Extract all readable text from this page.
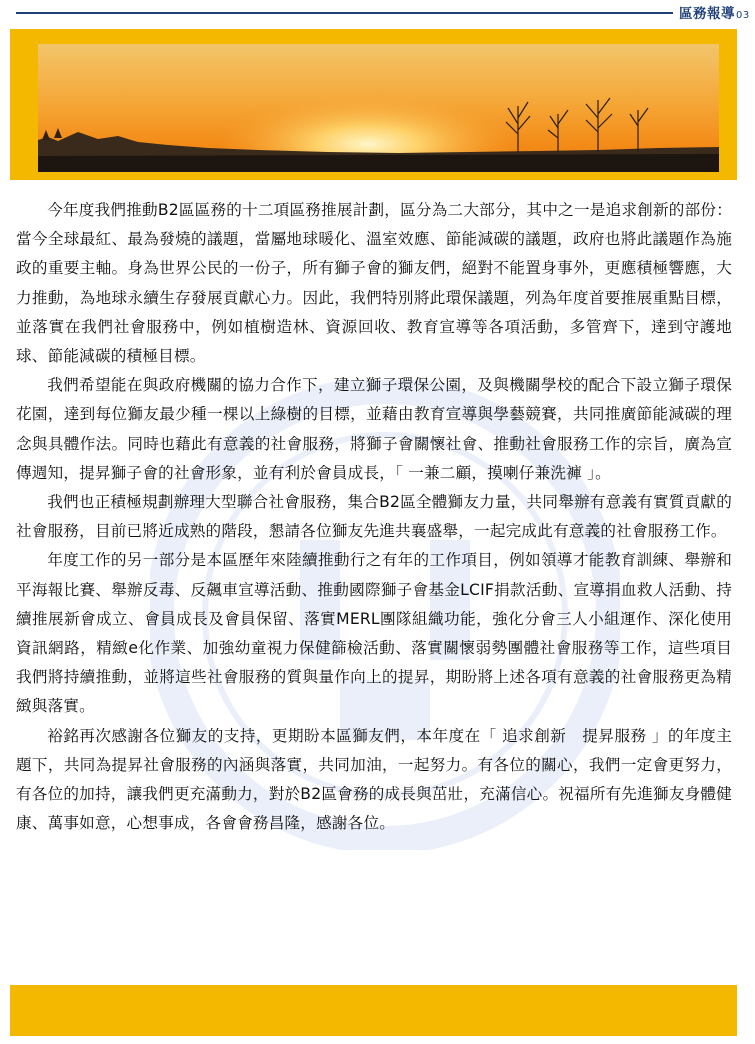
區務報導03

今年度我們推動B2區區務的十二項區務推展計劃，區分為二大部分，其中之一是追求創新的部份：當今全球最紅、最為發燒的議題，當屬地球暖化、溫室效應、節能減碳的議題，政府也將此議題作為施政的重要主軸。身為世界公民的一份子，所有獅子會的獅友們，絕對不能置身事外，更應積極響應，大力推動，為地球永續生存發展貢獻心力。因此，我們特別將此環保議題，列為年度首要推展重點目標，並落實在我們社會服務中，例如植樹造林、資源回收、教育宣導等各項活動，多管齊下，達到守護地球、節能減碳的積極目標。

我們希望能在與政府機關的協力合作下，建立獅子環保公園，及與機關學校的配合下設立獅子環保花園，達到每位獅友最少種一棵以上綠樹的目標，並藉由教育宣導與學藝競賽，共同推廣節能減碳的理念與具體作法。同時也藉此有意義的社會服務，將獅子會關懷社會、推動社會服務工作的宗旨，廣為宣傳週知，提昇獅子會的社會形象，並有利於會員成長，「 一兼二顧，摸喇仔兼洗褲 」。

我們也正積極規劃辦理大型聯合社會服務，集合B2區全體獅友力量，共同舉辦有意義有實質貢獻的社會服務，目前已將近成熟的階段，懇請各位獅友先進共襄盛舉，一起完成此有意義的社會服務工作。

年度工作的另一部分是本區歷年來陸續推動行之有年的工作項目，例如領導才能教育訓練、舉辦和平海報比賽、舉辦反毒、反飆車宣導活動、推動國際獅子會基金LCIF捐款活動、宣導捐血救人活動、持續推展新會成立、會員成長及會員保留、落實MERL團隊組織功能，強化分會三人小組運作、深化使用資訊網路，精緻e化作業、加強幼童視力保健篩檢活動、落實關懷弱勢團體社會服務等工作，這些項目我們將持續推動，並將這些社會服務的質與量作向上的提昇，期盼將上述各項有意義的社會服務更為精緻與落實。

裕銘再次感謝各位獅友的支持，更期盼本區獅友們，本年度在「 追求創新　提昇服務 」的年度主題下，共同為提昇社會服務的內涵與落實，共同加油，一起努力。有各位的關心，我們一定會更努力，有各位的加持，讓我們更充滿動力，對於B2區會務的成長與茁壯，充滿信心。祝福所有先進獅友身體健康、萬事如意，心想事成，各會會務昌隆，感謝各位。
